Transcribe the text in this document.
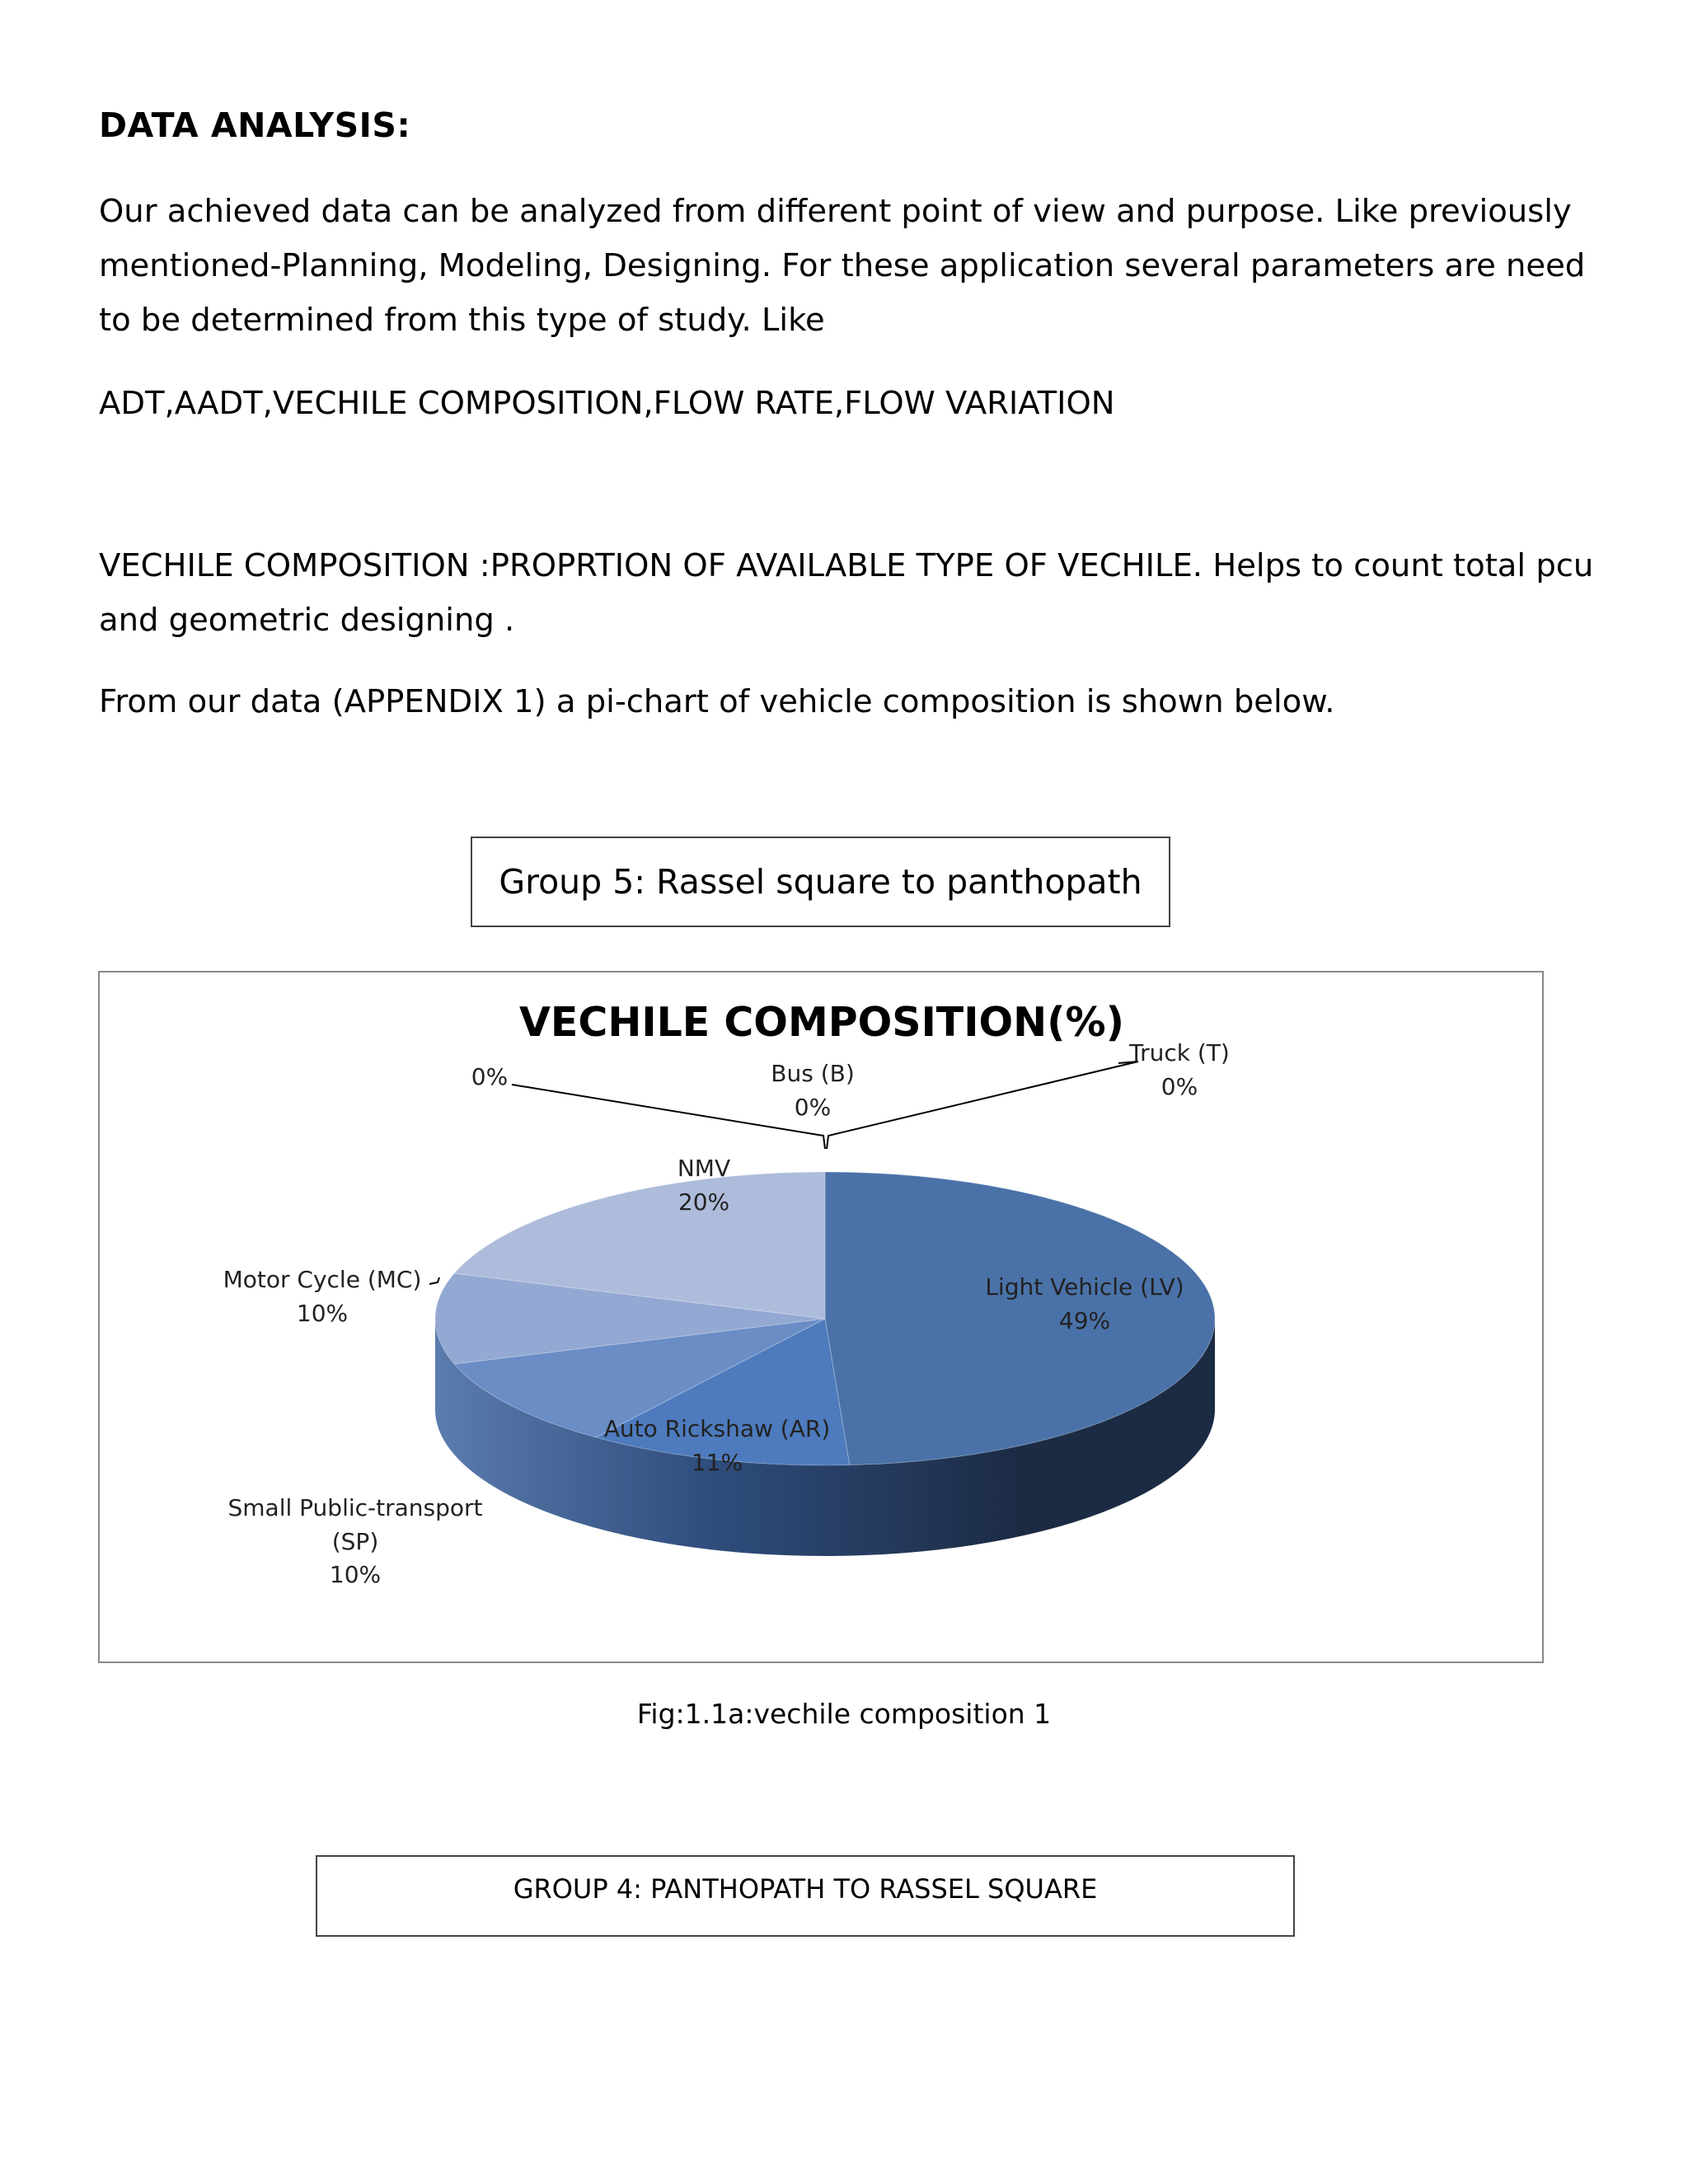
DATA ANALYSIS:
Our achieved data can be analyzed from different point of view and purpose. Like previously
mentioned-Planning, Modeling, Designing. For these application several parameters are need
to be determined from this type of study. Like
ADT,AADT,VECHILE COMPOSITION,FLOW RATE,FLOW VARIATION
VECHILE COMPOSITION :PROPRTION OF AVAILABLE TYPE OF VECHILE. Helps to count total pcu
and geometric designing .
From our data (APPENDIX 1) a pi-chart of vehicle composition is shown below.
Group 5: Rassel square to panthopath
VECHILE COMPOSITION(%)
0%	Bus (B)
0%
Truck (T)
0%
NMV
20%
Motor Cycle (MC)
10%
Light Vehicle (LV)
49%
Auto Rickshaw (AR)
11%
Small Public-transport
(SP)
10%
Fig:1.1a:vechile composition 1
GROUP 4: PANTHOPATH TO RASSEL SQUARE
